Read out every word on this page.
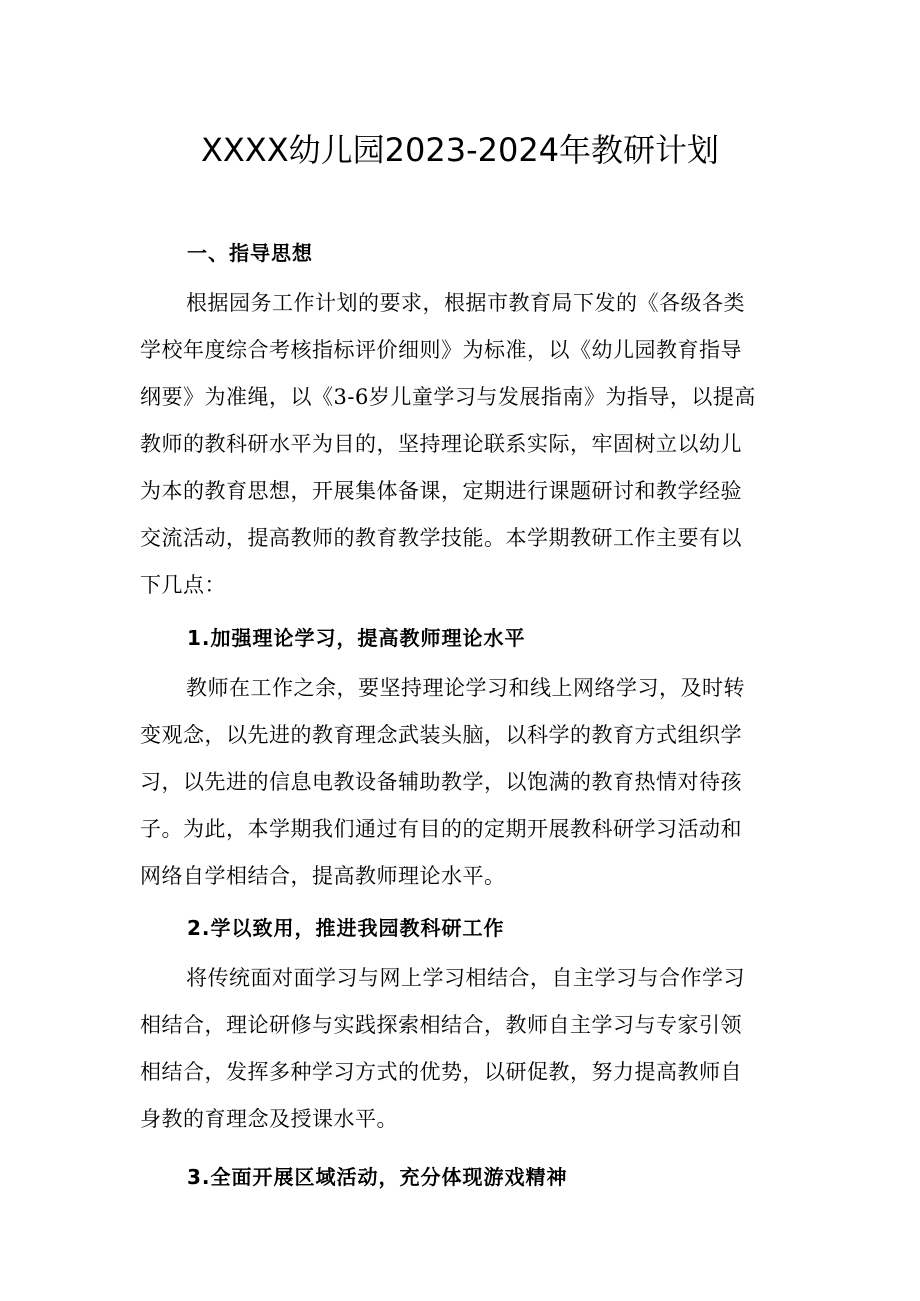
XXXX幼儿园2023-2024年教研计划
一、指导思想
根据园务工作计划的要求，根据市教育局下发的《各级各类
学校年度综合考核指标评价细则》为标准，以《幼儿园教育指导
纲要》为准绳，以《3-6岁儿童学习与发展指南》为指导，以提高
教师的教科研水平为目的，坚持理论联系实际，牢固树立以幼儿
为本的教育思想，开展集体备课，定期进行课题研讨和教学经验
交流活动，提高教师的教育教学技能。本学期教研工作主要有以
下几点：
1.加强理论学习，提高教师理论水平
教师在工作之余，要坚持理论学习和线上网络学习，及时转
变观念，以先进的教育理念武装头脑，以科学的教育方式组织学
习，以先进的信息电教设备辅助教学，以饱满的教育热情对待孩
子。为此，本学期我们通过有目的的定期开展教科研学习活动和
网络自学相结合，提高教师理论水平。
2.学以致用，推进我园教科研工作
将传统面对面学习与网上学习相结合，自主学习与合作学习
相结合，理论研修与实践探索相结合，教师自主学习与专家引领
相结合，发挥多种学习方式的优势，以研促教，努力提高教师自
身教的育理念及授课水平。
3.全面开展区域活动，充分体现游戏精神
